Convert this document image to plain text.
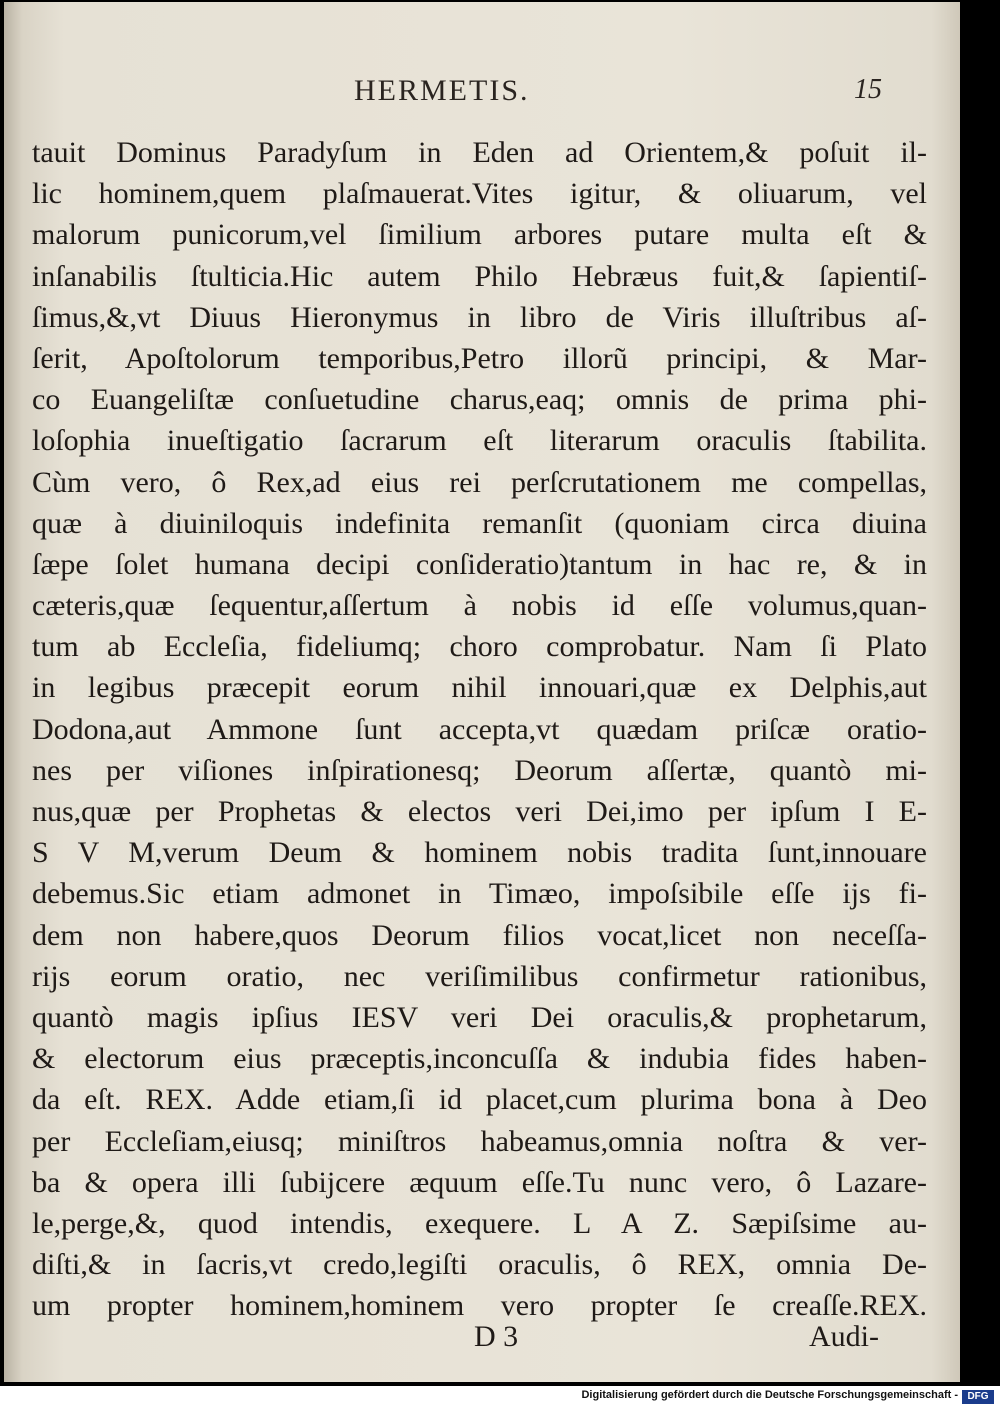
HERMETIS.	15
tauit Dominus Paradyſum in Eden ad Orientem,& poſuit il-
lic hominem,quem plaſmauerat.Vites igitur, & oliuarum, vel
malorum punicorum,vel ſimilium arbores putare multa eſt &
inſanabilis ſtulticia.Hic autem Philo Hebræus fuit,& ſapientiſ-
ſimus,&,vt Diuus Hieronymus in libro de Viris illuſtribus aſ-
ſerit, Apoſtolorum temporibus,Petro illorũ principi, & Mar-
co Euangeliſtæ conſuetudine charus,eaq; omnis de prima phi-
loſophia inueſtigatio ſacrarum eſt literarum oraculis ſtabilita.
Cùm vero, ô Rex,ad eius rei perſcrutationem me compellas,
quæ à diuiniloquis indefinita remanſit (quoniam circa diuina
ſæpe ſolet humana decipi conſideratio)tantum in hac re, & in
cæteris,quæ ſequentur,aſſertum à nobis id eſſe volumus,quan-
tum ab Eccleſia, fideliumq; choro comprobatur. Nam ſi Plato
in legibus præcepit eorum nihil innouari,quæ ex Delphis,aut
Dodona,aut Ammone ſunt accepta,vt quædam priſcæ oratio-
nes per viſiones inſpirationesq; Deorum aſſertæ, quantò mi-
nus,quæ per Prophetas & electos veri Dei,imo per ipſum I E-
S V M,verum Deum & hominem nobis tradita ſunt,innouare
debemus.Sic etiam admonet in Timæo, impoſsibile eſſe ijs fi-
dem non habere,quos Deorum filios vocat,licet non neceſſa-
rijs eorum oratio, nec veriſimilibus confirmetur rationibus,
quantò magis ipſius IESV veri Dei oraculis,& prophetarum,
& electorum eius præceptis,inconcuſſa & indubia fides haben-
da eſt. REX. Adde etiam,ſi id placet,cum plurima bona à Deo
per Eccleſiam,eiusq; miniſtros habeamus,omnia noſtra & ver-
ba & opera illi ſubijcere æquum eſſe.Tu nunc vero, ô Lazare-
le,perge,&, quod intendis, exequere. L A Z. Sæpiſsime au-
diſti,& in ſacris,vt credo,legiſti oraculis, ô REX, omnia De-
um propter hominem,hominem vero propter ſe creaſſe.REX.
D 3	Audi-
Digitalisierung gefördert durch die Deutsche Forschungsgemeinschaft - DFG
